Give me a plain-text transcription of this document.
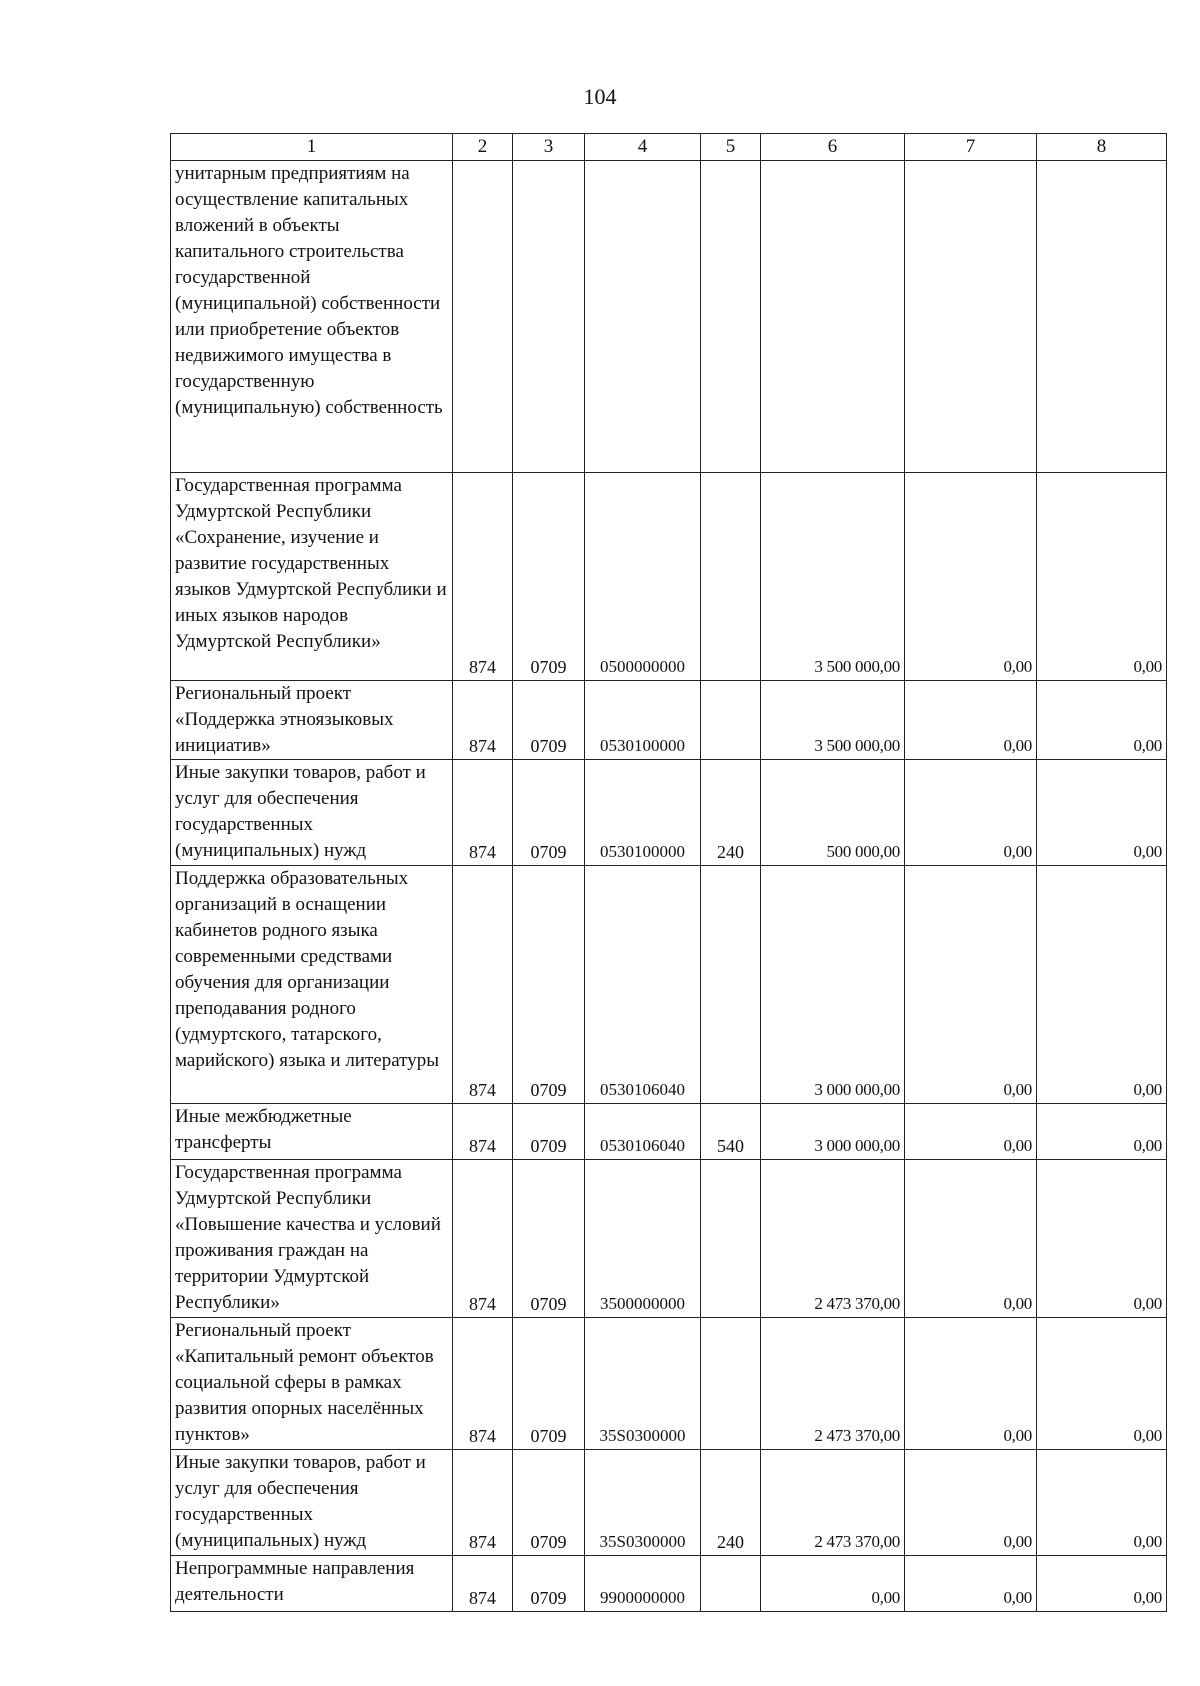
104
1	2	3	4	5	6	7	8
унитарным предприятиям на осуществление капитальных вложений в объекты капитального строительства государственной (муниципальной) собственности или приобретение объектов недвижимого имущества в государственную (муниципальную) собственность							
Государственная программа Удмуртской Республики «Сохранение, изучение и развитие государственных языков Удмуртской Республики и иных языков народов Удмуртской Республики»	874	0709	0500000000		3 500 000,00	0,00	0,00
Региональный проект «Поддержка этноязыковых инициатив»	874	0709	0530100000		3 500 000,00	0,00	0,00
Иные закупки товаров, работ и услуг для обеспечения государственных (муниципальных) нужд	874	0709	0530100000	240	500 000,00	0,00	0,00
Поддержка образовательных организаций в оснащении кабинетов родного языка современными средствами обучения для организации преподавания родного (удмуртского, татарского, марийского) языка и литературы	874	0709	0530106040		3 000 000,00	0,00	0,00
Иные межбюджетные трансферты	874	0709	0530106040	540	3 000 000,00	0,00	0,00
Государственная программа Удмуртской Республики «Повышение качества и условий проживания граждан на территории Удмуртской Республики»	874	0709	3500000000		2 473 370,00	0,00	0,00
Региональный проект «Капитальный ремонт объектов социальной сферы в рамках развития опорных населённых пунктов»	874	0709	35S0300000		2 473 370,00	0,00	0,00
Иные закупки товаров, работ и услуг для обеспечения государственных (муниципальных) нужд	874	0709	35S0300000	240	2 473 370,00	0,00	0,00
Непрограммные направления деятельности	874	0709	9900000000		0,00	0,00	0,00
